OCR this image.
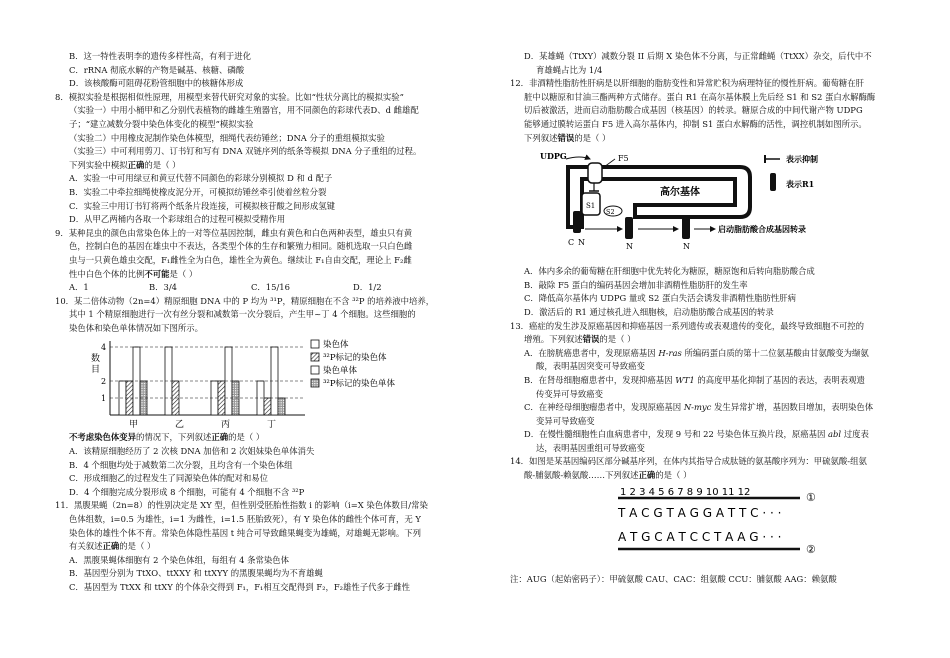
B．这一特性表明李的遗传多样性高，有利于进化

C．rRNA 彻底水解的产物是碱基、核糖、磷酸

D．该核酸酶可阻碍花粉管细胞中的核糖体形成

8．模拟实验是根据相似性原理，用模型来替代研究对象的实验。比如“性状分离比的模拟实验”

（实验一）中用小桶甲和乙分别代表植物的雌雄生殖器官，用不同颜色的彩球代表D、d 雌雄配

子；“建立减数分裂中染色体变化的模型”模拟实验

（实验二）中用橡皮泥制作染色体模型，细绳代表纺锤丝；DNA 分子的重组模拟实验

（实验三）中可利用剪刀、订书钉和写有 DNA 双链序列的纸条等模拟 DNA 分子重组的过程。

下列实验中模拟正确的是（ ）

A．实验一中可用绿豆和黄豆代替不同颜色的彩球分别模拟 D 和 d 配子

B．实验二中牵拉细绳使橡皮泥分开，可模拟纺锤丝牵引使着丝粒分裂

C．实验三中用订书钉将两个纸条片段连接，可模拟核苷酸之间形成氢键

D．从甲乙两桶内各取一个彩球组合的过程可模拟受精作用

9．某种昆虫的颜色由常染色体上的一对等位基因控制，雌虫有黄色和白色两种表型，雄虫只有黄

色，控制白色的基因在雄虫中不表达，各类型个体的生存和繁殖力相同。随机选取一只白色雌

虫与一只黄色雄虫交配，F₁雌性全为白色，雄性全为黄色。继续让 F₁自由交配，理论上 F₂雌

性中白色个体的比例不可能是（ ）

A．1	B．3/4	C．15/16	D．1/2

10．某二倍体动物（2n=4）精原细胞 DNA 中的 P 均为 ³¹P，精原细胞在不含 ³²P 的培养液中培养，

其中 1 个精原细胞进行一次有丝分裂和减数第一次分裂后，产生甲~丁 4 个细胞。这些细胞的

染色体和染色单体情况如下图所示。

染色体
³²P标记的染色体
染色单体
³²P标记的染色单体
数
目
4
2
1
甲	乙	丙	丁

不考虑染色体变异的情况下，下列叙述正确的是（ ）

A．该精原细胞经历了 2 次核 DNA 加倍和 2 次姐妹染色单体消失

B．4 个细胞均处于减数第二次分裂，且均含有一个染色体组

C．形成细胞乙的过程发生了同源染色体的配对和易位

D．4 个细胞完成分裂形成 8 个细胞，可能有 4 个细胞不含 ³²P

11．黑腹果蝇（2n=8）的性别决定是 XY 型，但性别受胚胎性指数 i 的影响（i=X 染色体数目/常染

色体组数，i=0.5 为雄性，i=1 为雌性，i=1.5 胚胎致死），有 Y 染色体的雌性个体可育，无 Y

染色体的雄性个体不育。常染色体隐性基因 t 纯合可导致雌果蝇变为雄蝇，对雄蝇无影响。下列

有关叙述正确的是（ ）

A．黑腹果蝇体细胞有 2 个染色体组，每组有 4 条常染色体

B．基因型分别为 TtXO、ttXXY 和 ttXYY 的黑腹果蝇均为不育雄蝇

C．基因型为 TtXX 和 ttXY 的个体杂交得到 F₁，F₁相互交配得到 F₂，F₂雄性子代多于雌性

D．某雄蝇（TtXY）减数分裂 II 后期 X 染色体不分离，与正常雌蝇（TtXX）杂交，后代中不

育雄蝇占比为 1/4

12．非酒精性脂肪性肝病是以肝细胞的脂肪变性和异常贮积为病理特征的慢性肝病。葡萄糖在肝

脏中以糖原和甘油三酯两种方式储存。蛋白 R1 在高尔基体膜上先后经 S1 和 S2 蛋白水解酶酶

切后被激活，进而启动脂肪酸合成基因（核基因）的转录。糖原合成的中间代谢产物 UDPG

能够通过膜转运蛋白 F5 进入高尔基体内，抑制 S1 蛋白水解酶的活性，调控机制如图所示。

下列叙述错误的是（ ）

高尔基体
UDPG	F5
S1
C N
S2
N	N
启动脂肪酸合成基因转录
表示抑制
表示R1

A．体内多余的葡萄糖在肝细胞中优先转化为糖原，糖原饱和后转向脂肪酸合成

B．敲除 F5 蛋白的编码基因会增加非酒精性脂肪肝的发生率

C．降低高尔基体内 UDPG 量或 S2 蛋白失活会诱发非酒精性脂肪性肝病

D．激活后的 R1 通过核孔进入细胞核，启动脂肪酸合成基因的转录

13．癌症的发生涉及原癌基因和抑癌基因一系列遗传或表观遗传的变化，最终导致细胞不可控的

增殖。下列叙述错误的是（ ）

A．在膀胱癌患者中，发现原癌基因 H-ras 所编码蛋白质的第十二位氨基酸由甘氨酸变为缬氨

酸，表明基因突变可导致癌变

B．在肾母细胞瘤患者中，发现抑癌基因 WT1 的高度甲基化抑制了基因的表达，表明表观遗

传变异可导致癌变

C．在神经母细胞瘤患者中，发现原癌基因 N-myc 发生异常扩增，基因数目增加，表明染色体

变异可导致癌变

D．在慢性髓细胞性白血病患者中，发现 9 号和 22 号染色体互换片段，原癌基因 abl 过度表

达，表明基因重组可导致癌变

14．如图是某基因编码区部分碱基序列，在体内其指导合成肽链的氨基酸序列为：甲硫氨酸-组氨

酸-脯氨酸-赖氨酸……下列叙述正确的是（ ）

1 2 3 4 5 6 7 8 9 10 11 12	①
T A C G T A G G A T T C · · ·
A T G C A T C C T A A G · · ·
②

注：AUG（起始密码子）：甲硫氨酸 CAU、CAC：组氨酸 CCU：脯氨酸 AAG：赖氨酸
